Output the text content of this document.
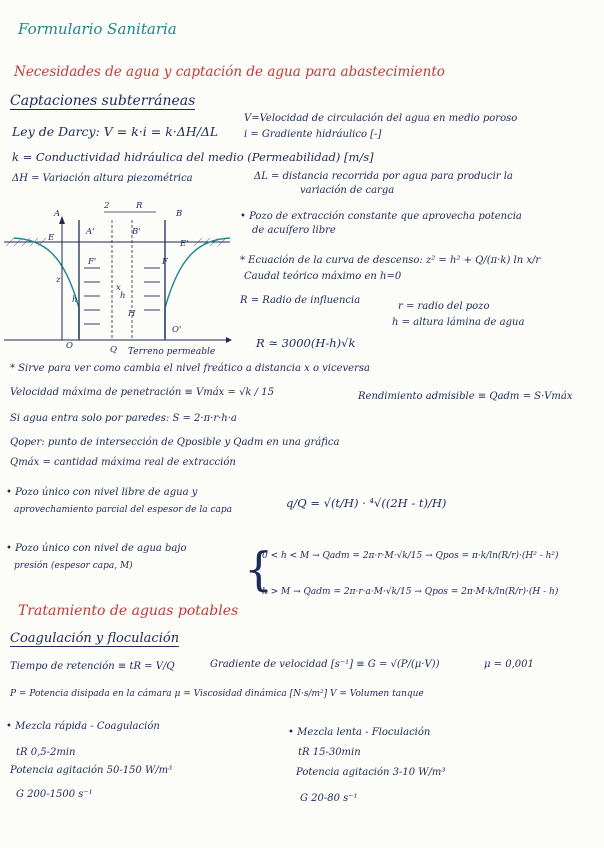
Formulario Sanitaria
Necesidades de agua y captación de agua para abastecimiento
Captaciones subterráneas
Ley de Darcy: V = k·i = k·ΔH/ΔL
V=Velocidad de circulación del agua en medio poroso
i = Gradiente hidráulico [-]
k = Conductividad hidráulica del medio (Permeabilidad) [m/s]
ΔH = Variación altura piezométrica	ΔL = distancia recorrida por agua para producir la
variación de carga
A
2	R
B
A'	B'
F'	F
E
E'
z
x
h	h
H
O
O'
Q Terreno permeable
• Pozo de extracción constante que aprovecha potencia
de acuífero libre
* Ecuación de la curva de descenso: z² = h² + Q/(π·k) ln x/r
Caudal teórico máximo en h=0
R = Radio de influencia
r = radio del pozo
h = altura lámina de agua
R ≃ 3000(H-h)√k
* Sirve para ver como cambia el nivel freático a distancia x o viceversa
Velocidad máxima de penetración ≡ Vmáx = √k / 15	Rendimiento admisible ≡ Qadm = S·Vmáx
Si agua entra solo por paredes: S = 2·π·r·h·a
Qoper: punto de intersección de Qposible y Qadm en una gráfica
Qmáx = cantidad máxima real de extracción
• Pozo único con nivel libre de agua y
aprovechamiento parcial del espesor de la capa	q/Q = √(t/H) · ⁴√((2H - t)/H)
• Pozo único con nivel de agua bajo
presión (espesor capa, M) {
0 < h < M → Qadm = 2π·r·M·√k/15 → Qpos = π·k/ln(R/r)·(H² - h²)
h > M → Qadm = 2π·r·a·M·√k/15 → Qpos = 2π·M·k/ln(R/r)·(H - h)
Tratamiento de aguas potables
Coagulación y floculación
Tiempo de retención ≡ tR = V/Q	Gradiente de velocidad [s⁻¹] ≡ G = √(P/(μ·V))	μ = 0,001
P = Potencia disipada en la cámara μ = Viscosidad dinámica [N·s/m²] V = Volumen tanque
• Mezcla rápida - Coagulación
tR 0,5-2min
Potencia agitación 50-150 W/m³
G 200-1500 s⁻¹
• Mezcla lenta - Floculación
tR 15-30min
Potencia agitación 3-10 W/m³
G 20-80 s⁻¹
